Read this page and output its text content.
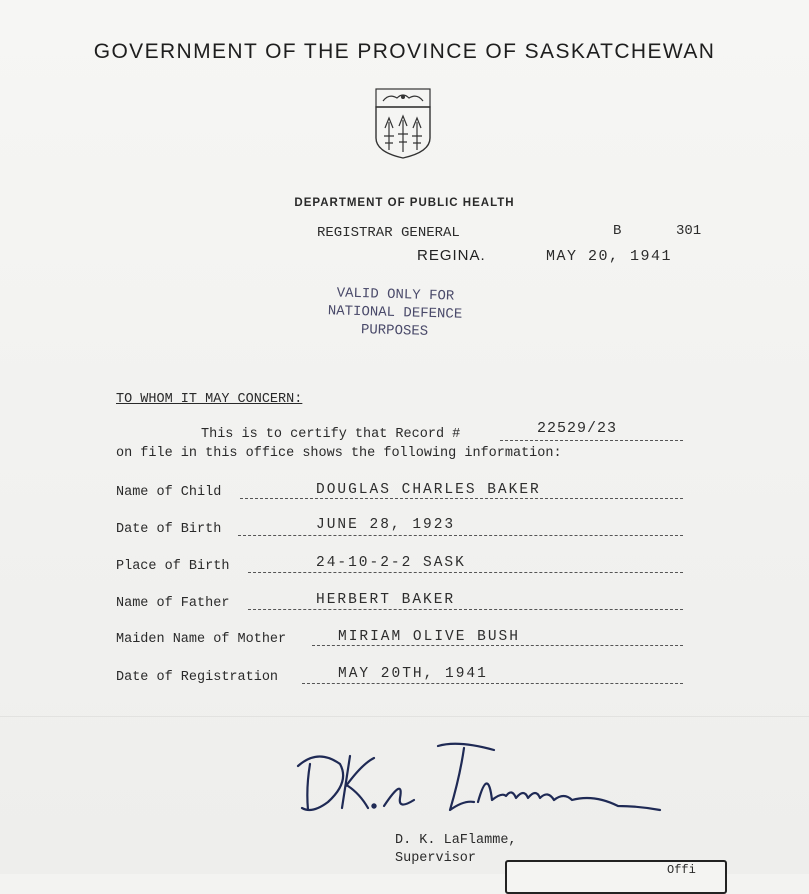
GOVERNMENT OF THE PROVINCE OF SASKATCHEWAN
DEPARTMENT OF PUBLIC HEALTH
REGISTRAR GENERAL	B	301
REGINA.	MAY 20, 1941
VALID ONLY FOR
NATIONAL DEFENCE
PURPOSES
TO WHOM IT MAY CONCERN:
This is to certify that Record #	22529/23
on file in this office shows the following information:
Name of Child	DOUGLAS CHARLES BAKER
Date of Birth	JUNE 28, 1923
Place of Birth	24-10-2-2 SASK
Name of Father	HERBERT BAKER
Maiden Name of Mother	MIRIAM OLIVE BUSH
Date of Registration	MAY 20TH, 1941
D. K. LaFlamme,
Supervisor
Offi
